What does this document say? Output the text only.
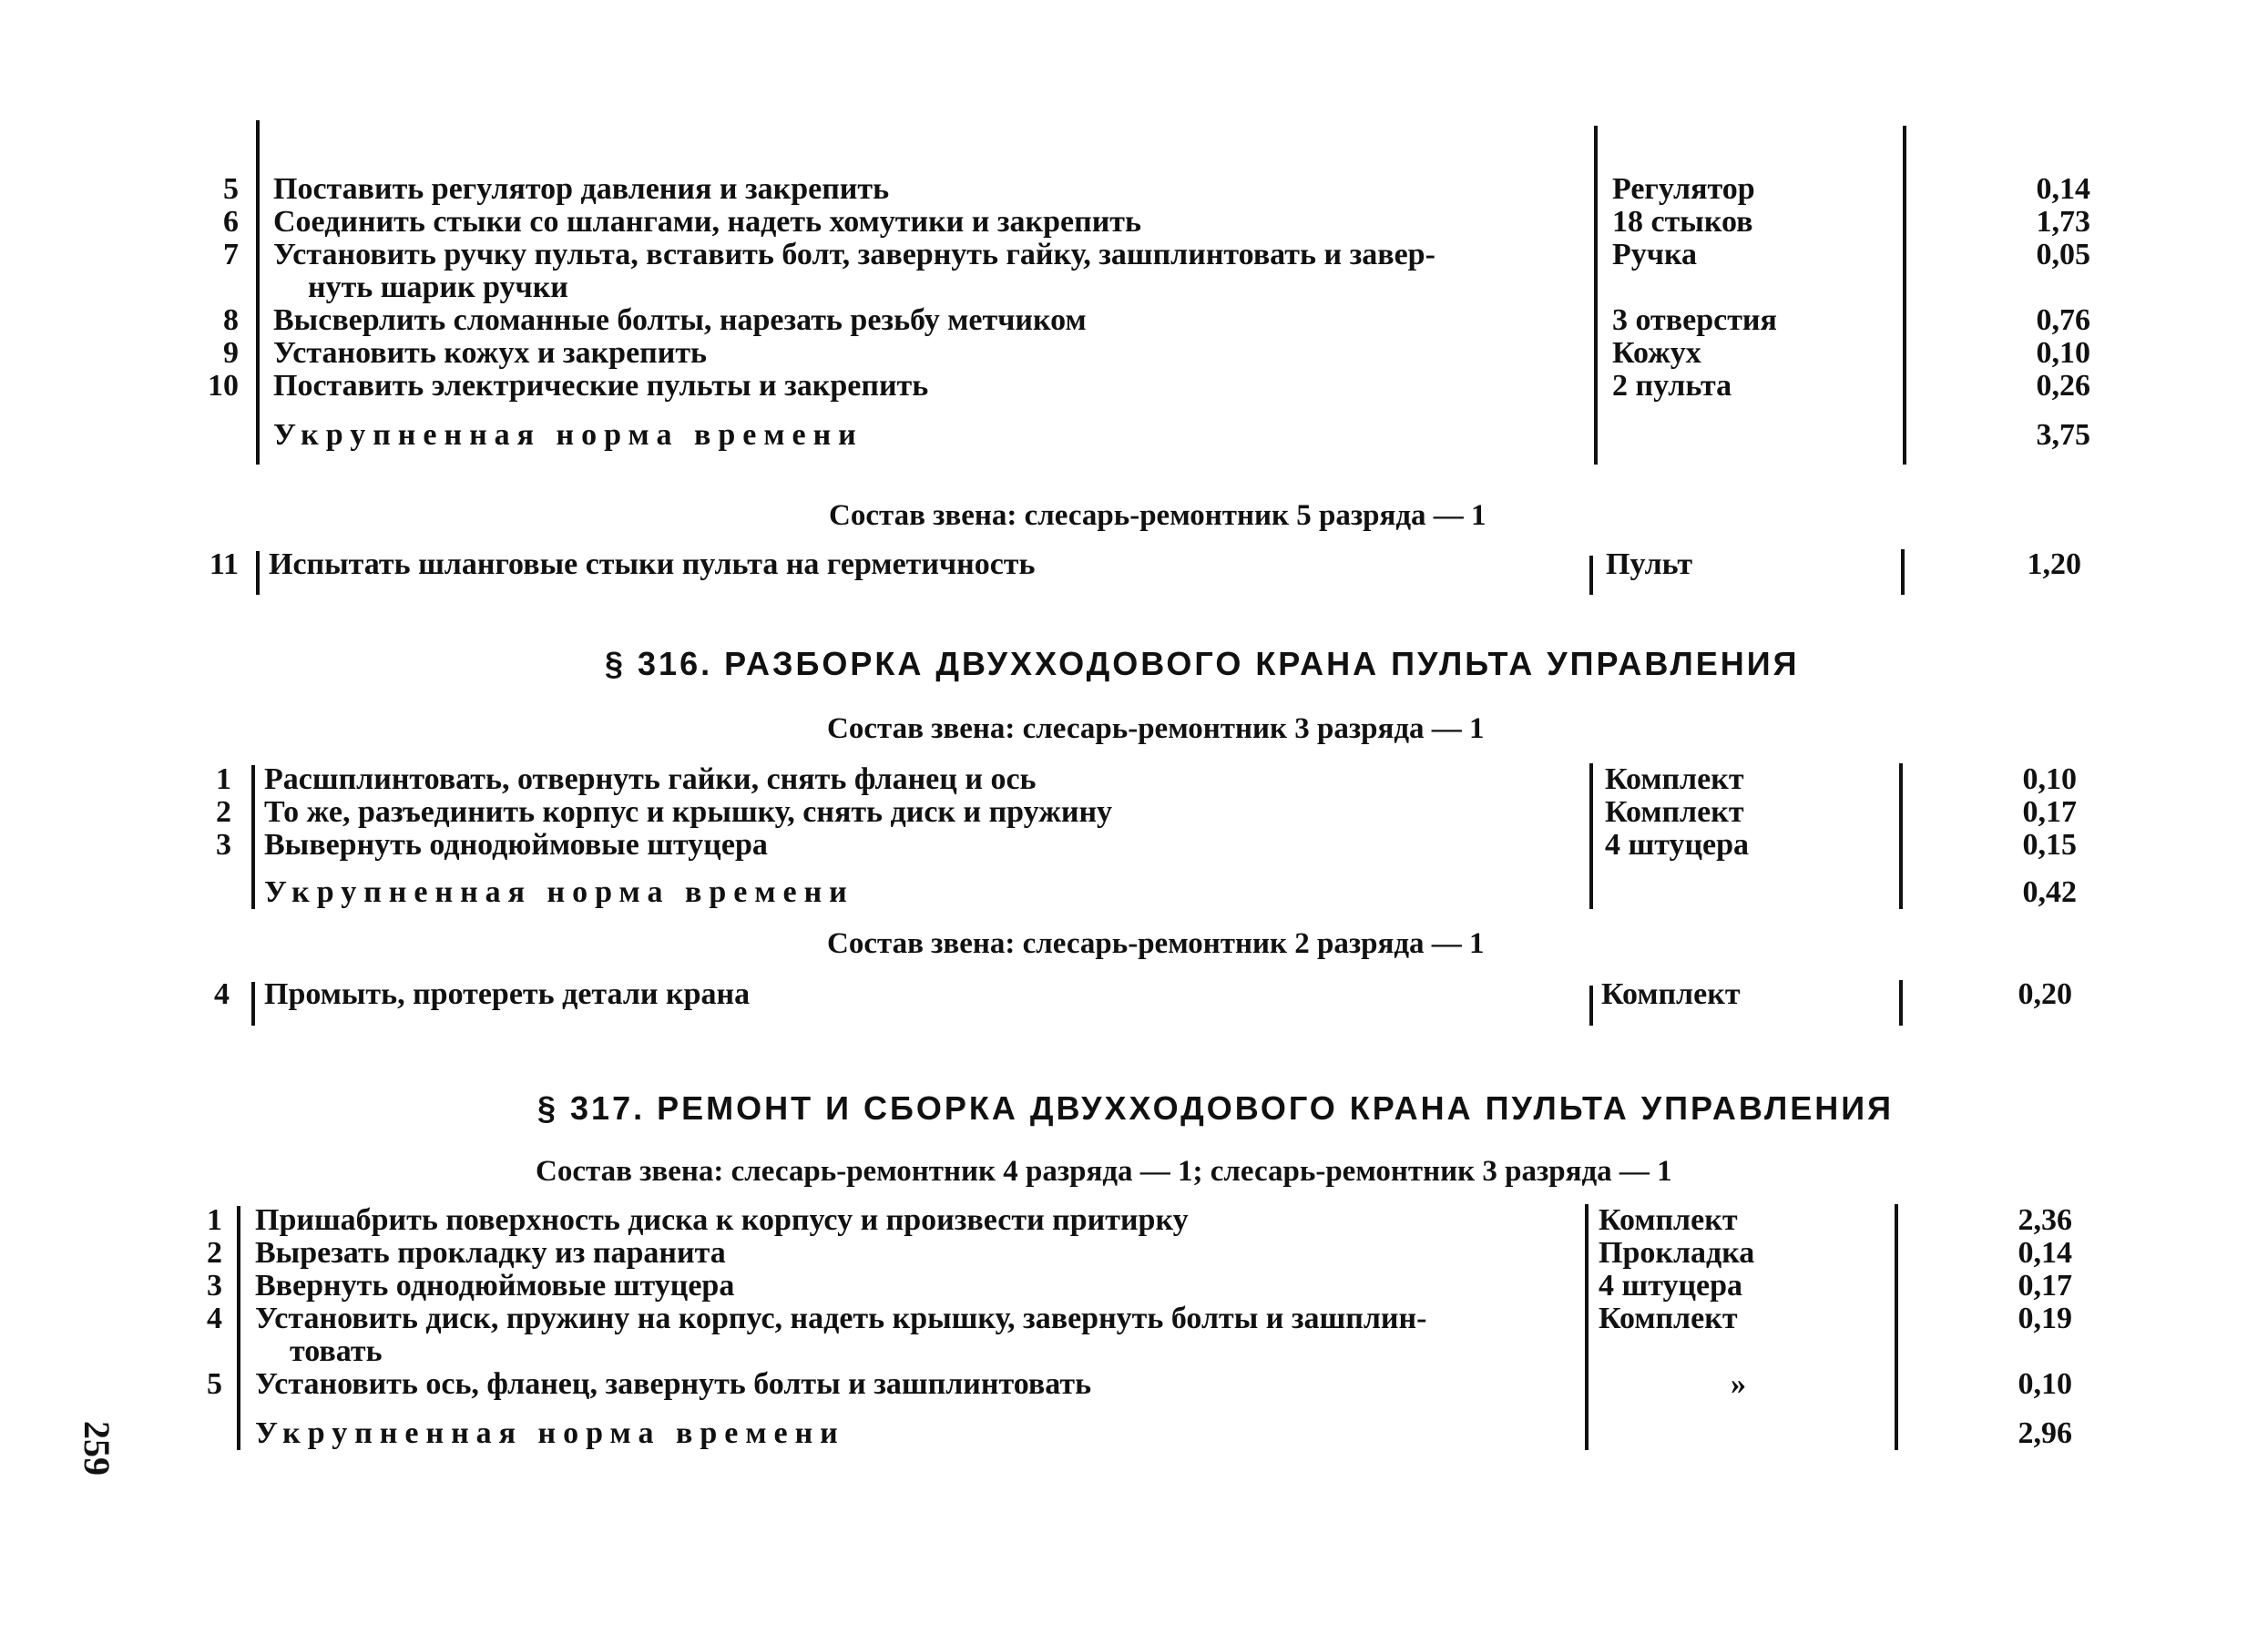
5 Поставить регулятор давления и закрепить	Регулятор	0,14
6 Соединить стыки со шлангами, надеть хомутики и закрепить	18 стыков	1,73
7 Установить ручку пульта, вставить болт, завернуть гайку, зашплинтовать и завер-	Ручка	0,05
нуть шарик ручки
8 Высверлить сломанные болты, нарезать резьбу метчиком	3 отверстия	0,76
9 Установить кожух и закрепить	Кожух	0,10
10 Поставить электрические пульты и закрепить	2 пульта	0,26
Укрупненная норма времени	3,75
Состав звена: слесарь-ремонтник 5 разряда — 1
11 Испытать шланговые стыки пульта на герметичность	Пульт	1,20
§ 316. РАЗБОРКА ДВУХХОДОВОГО КРАНА ПУЛЬТА УПРАВЛЕНИЯ
Состав звена: слесарь-ремонтник 3 разряда — 1
1 Расшплинтовать, отвернуть гайки, снять фланец и ось	Комплект	0,10
2 То же, разъединить корпус и крышку, снять диск и пружину	Комплект	0,17
3 Вывернуть однодюймовые штуцера	4 штуцера	0,15
Укрупненная норма времени	0,42
Состав звена: слесарь-ремонтник 2 разряда — 1
4 Промыть, протереть детали крана	Комплект	0,20
§ 317. РЕМОНТ И СБОРКА ДВУХХОДОВОГО КРАНА ПУЛЬТА УПРАВЛЕНИЯ
Состав звена: слесарь-ремонтник 4 разряда — 1; слесарь-ремонтник 3 разряда — 1
1 Пришабрить поверхность диска к корпусу и произвести притирку	Комплект	2,36
2 Вырезать прокладку из паранита	Прокладка	0,14
3 Ввернуть однодюймовые штуцера	4 штуцера	0,17
4 Установить диск, пружину на корпус, надеть крышку, завернуть болты и зашплин-	Комплект	0,19
товать
5 Установить ось, фланец, завернуть болты и зашплинтовать	»	0,10
Укрупненная норма времени	2,96
259
